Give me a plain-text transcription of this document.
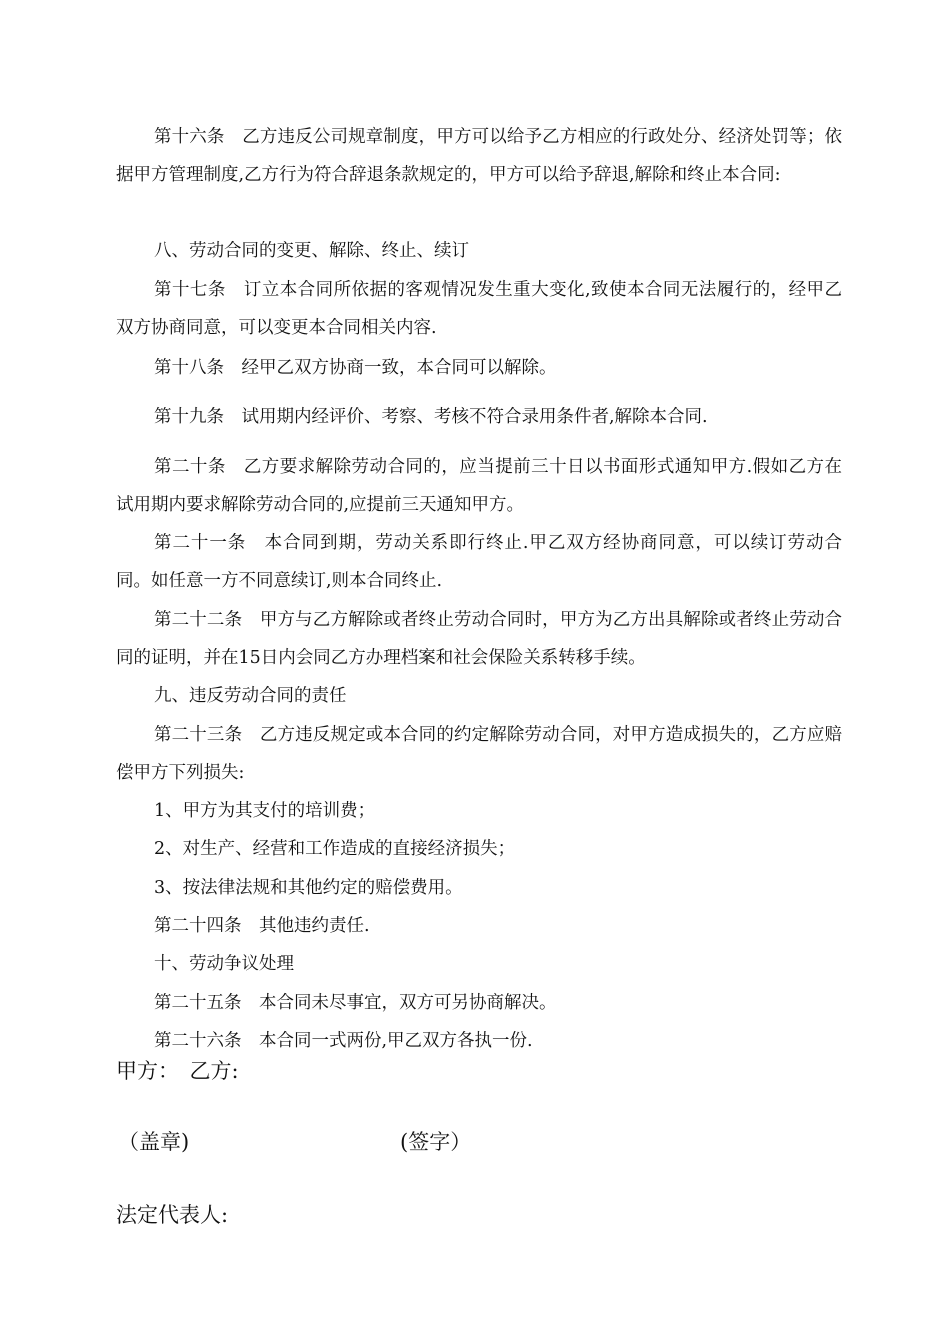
第十六条　乙方违反公司规章制度，甲方可以给予乙方相应的行政处分、经济处罚等；依据甲方管理制度,乙方行为符合辞退条款规定的，甲方可以给予辞退,解除和终止本合同:

八、劳动合同的变更、解除、终止、续订

第十七条　订立本合同所依据的客观情况发生重大变化,致使本合同无法履行的，经甲乙双方协商同意，可以变更本合同相关内容.

第十八条　经甲乙双方协商一致，本合同可以解除。

第十九条　试用期内经评价、考察、考核不符合录用条件者,解除本合同.

第二十条　乙方要求解除劳动合同的，应当提前三十日以书面形式通知甲方.假如乙方在试用期内要求解除劳动合同的,应提前三天通知甲方。

第二十一条　本合同到期，劳动关系即行终止.甲乙双方经协商同意，可以续订劳动合同。如任意一方不同意续订,则本合同终止.

第二十二条　甲方与乙方解除或者终止劳动合同时，甲方为乙方出具解除或者终止劳动合同的证明，并在15日内会同乙方办理档案和社会保险关系转移手续。

九、违反劳动合同的责任

第二十三条　乙方违反规定或本合同的约定解除劳动合同，对甲方造成损失的，乙方应赔偿甲方下列损失:

1、甲方为其支付的培训费；

2、对生产、经营和工作造成的直接经济损失；

3、按法律法规和其他约定的赔偿费用。

第二十四条　其他违约责任.

十、劳动争议处理

第二十五条　本合同未尽事宜，双方可另协商解决。

第二十六条　本合同一式两份,甲乙双方各执一份.

甲方：　乙方:

（盖章)	(签字）

法定代表人:
